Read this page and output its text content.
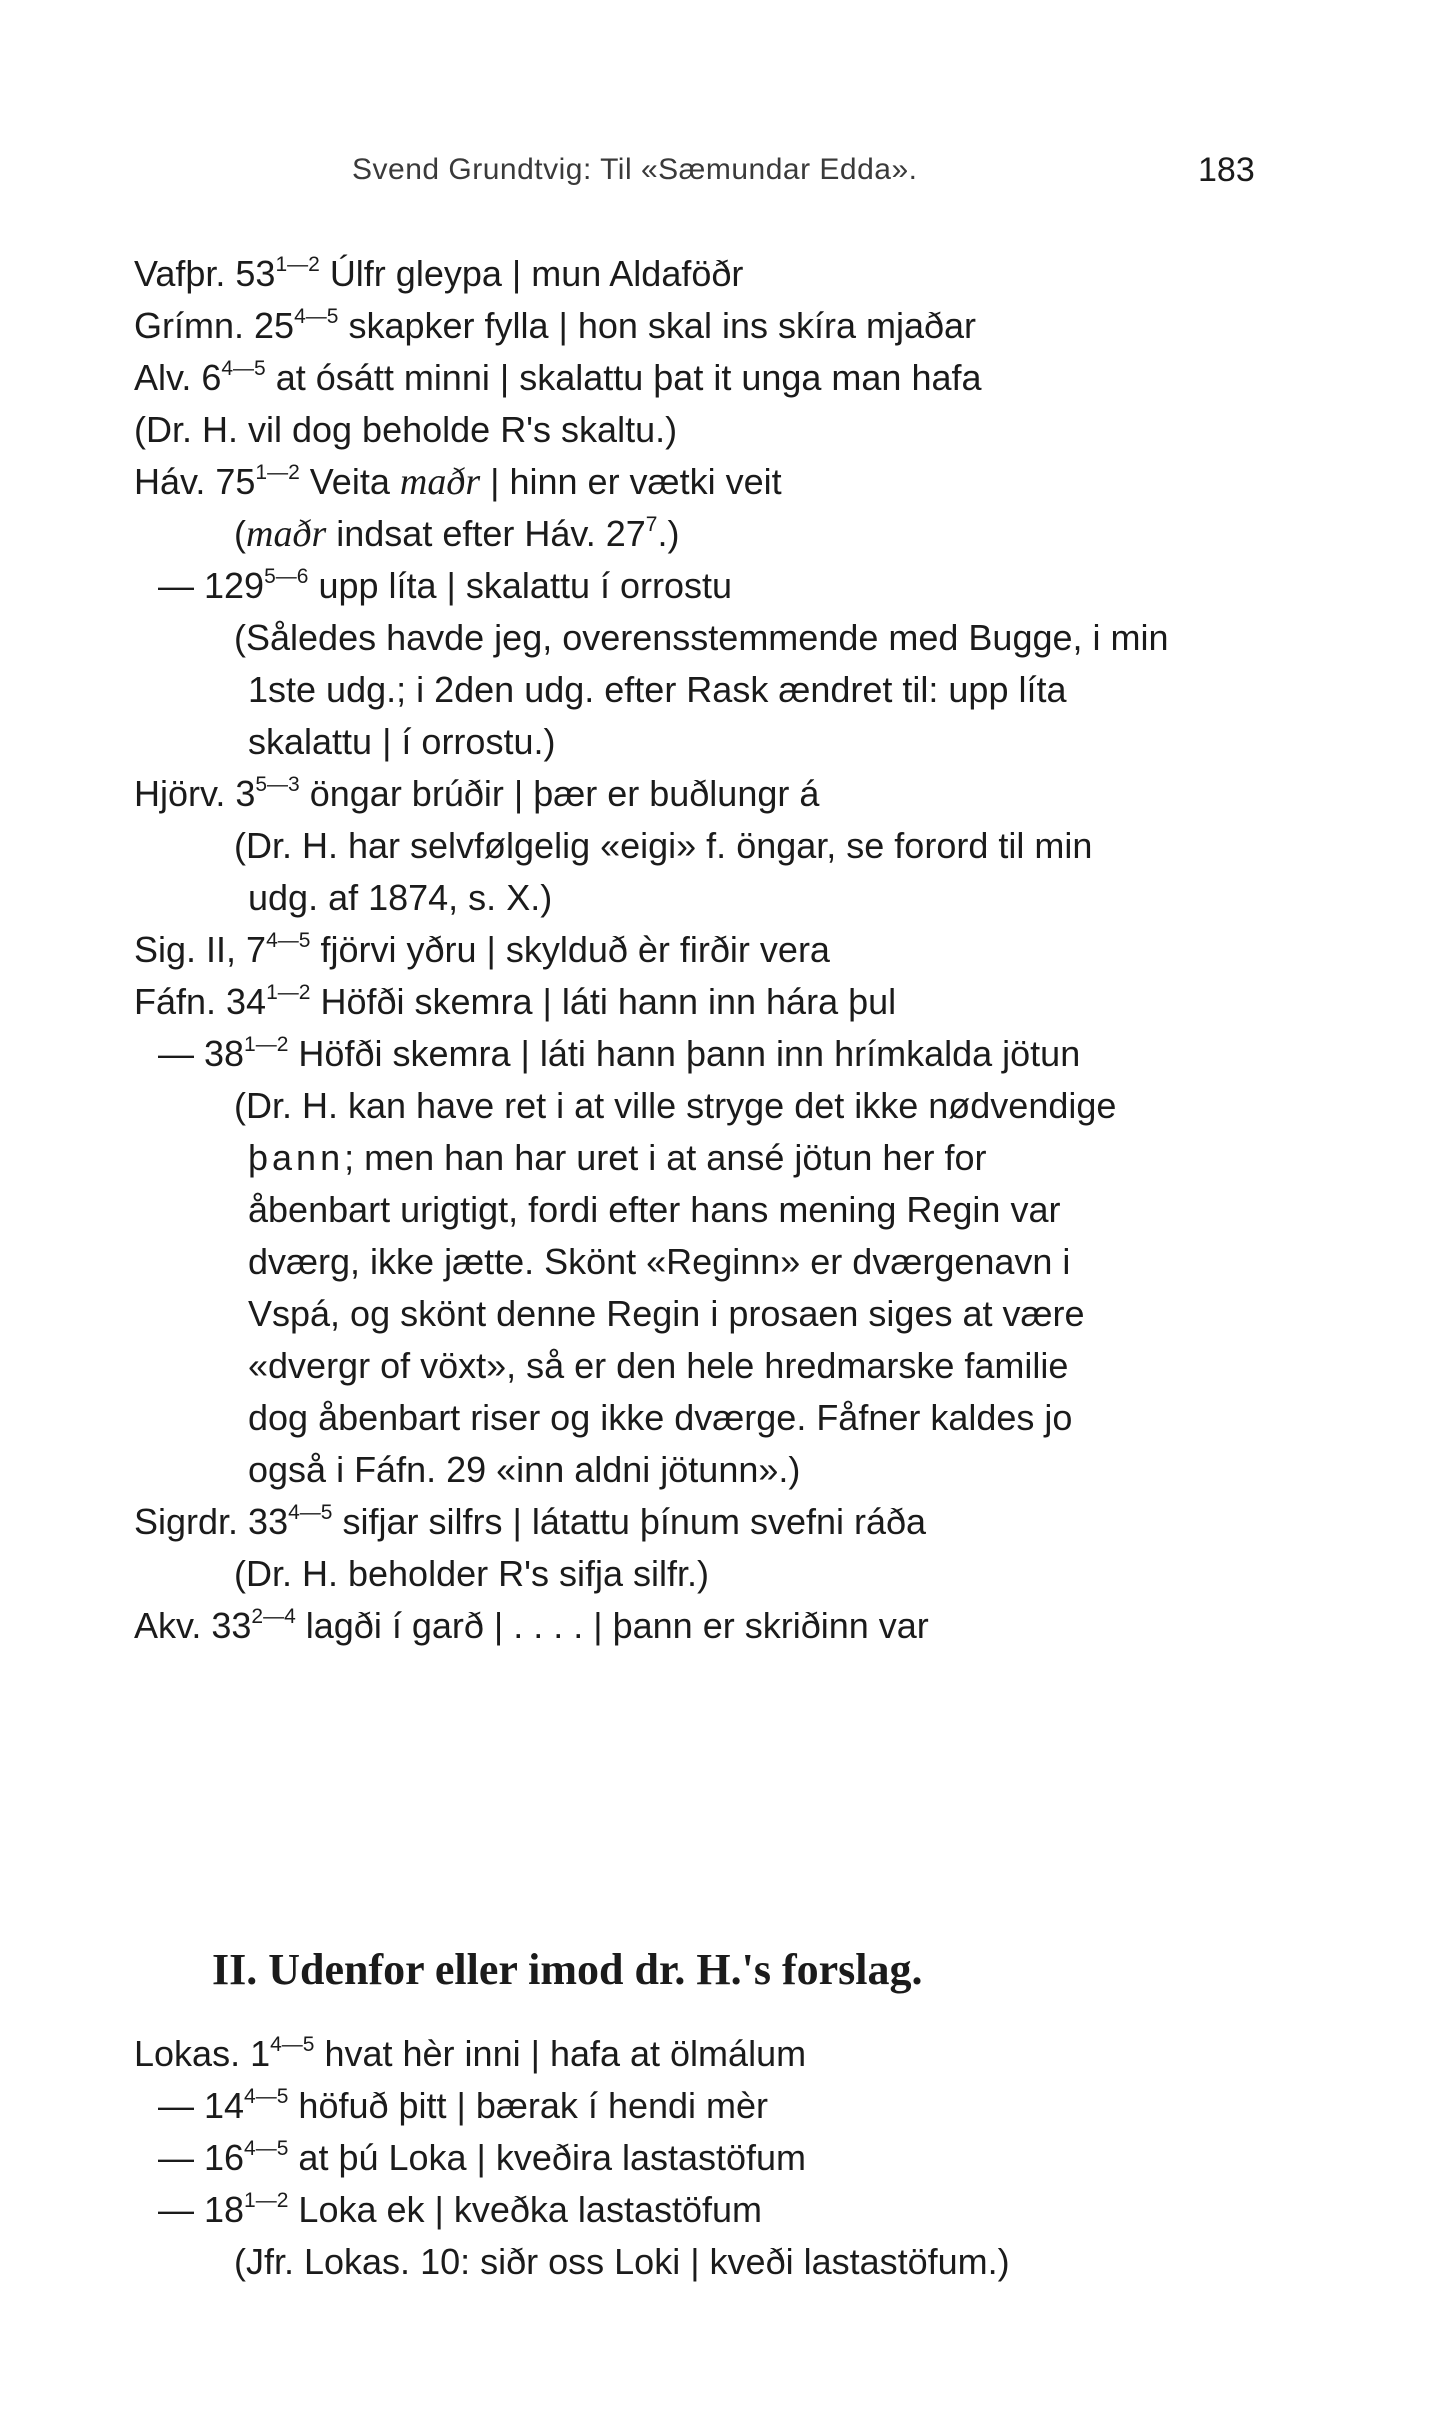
Svend Grundtvig: Til «Sæmundar Edda».	183
Vafþr. $53^{1—2}$ Úlfr gleypa | mun Aldaföðr
Grímn. $25^{4—5}$ skapker fylla | hon skal ins skíra mjaðar
Alv. $6^{4—5}$ at ósátt minni | skalattu þat it unga man hafa
(Dr. H. vil dog beholde R's skaltu.)
Háv. $75^{1—2}$ Veita maðr | hinn er vætki veit
(maðr indsat efter Háv. $27^7$.)
— $129^{5—6}$ upp líta | skalattu í orrostu
(Således havde jeg, overensstemmende med Bugge, i min
1ste udg.; i 2den udg. efter Rask ændret til: upp líta
skalattu | í orrostu.)
Hjörv. $3^{5—3}$ öngar brúðir | þær er buðlungr á
(Dr. H. har selvfølgelig «eigi» f. öngar, se forord til min
udg. af 1874, s. X.)
Sig. II, $7^{4—5}$ fjörvi yðru | skylduð èr firðir vera
Fáfn. $34^{1—2}$ Höfði skemra | láti hann inn hára þul
— $38^{1—2}$ Höfði skemra | láti hann þann inn hrímkalda jötun
(Dr. H. kan have ret i at ville stryge det ikke nødvendige
þann; men han har uret i at ansé jötun her for
åbenbart urigtigt, fordi efter hans mening Regin var
dværg, ikke jætte. Skönt «Reginn» er dværgenavn i
Vspá, og skönt denne Regin i prosaen siges at være
«dvergr of vöxt», så er den hele hredmarske familie
dog åbenbart riser og ikke dværge. Fåfner kaldes jo
også i Fáfn. 29 «inn aldni jötunn».)
Sigrdr. $33^{4—5}$ sifjar silfrs | látattu þínum svefni ráða
(Dr. H. beholder R's sifja silfr.)
Akv. $33^{2—4}$ lagði í garð | . . . . | þann er skriðinn var
II. Udenfor eller imod dr. H.'s forslag.
Lokas. $1^{4—5}$ hvat hèr inni | hafa at ölmálum
— $14^{4—5}$ höfuð þitt | bærak í hendi mèr
— $16^{4—5}$ at þú Loka | kveðira lastastöfum
— $18^{1—2}$ Loka ek | kveðka lastastöfum
(Jfr. Lokas. 10: siðr oss Loki | kveði lastastöfum.)
